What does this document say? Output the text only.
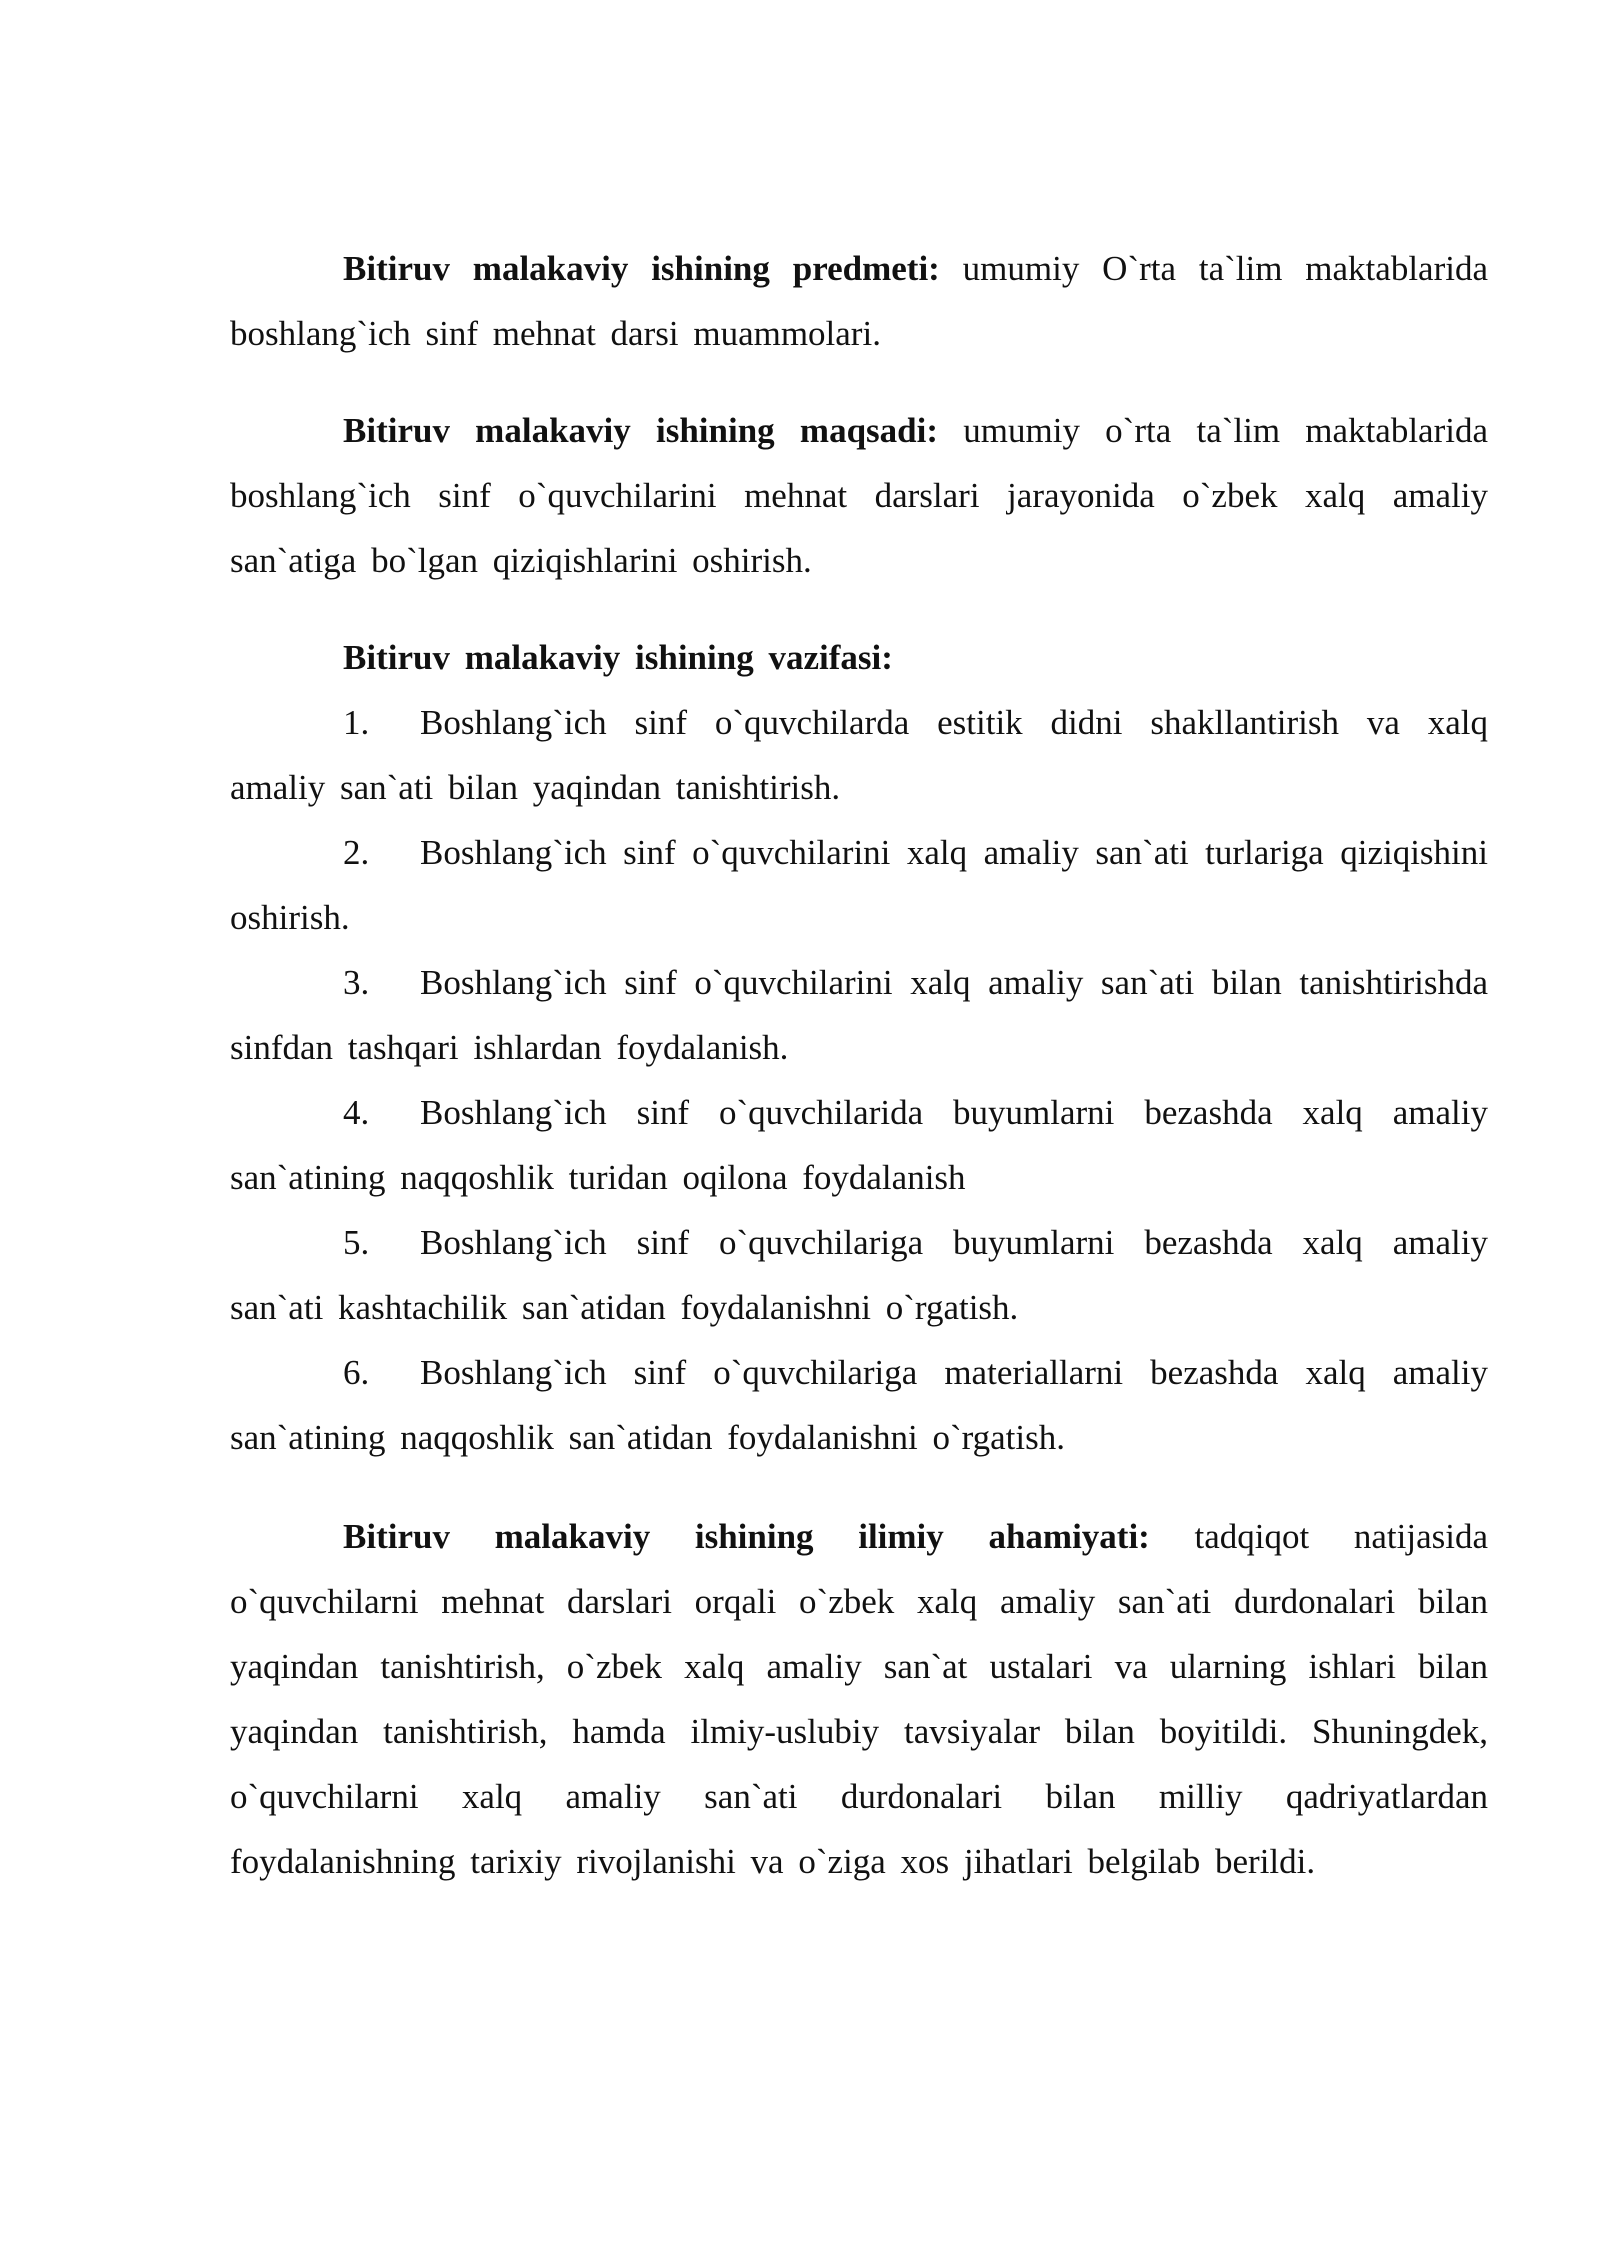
Bitiruv malakaviy ishining predmeti: umumiy O`rta ta`lim maktablarida boshlang`ich sinf mehnat darsi muammolari.

Bitiruv malakaviy ishining maqsadi: umumiy o`rta ta`lim maktablarida boshlang`ich sinf o`quvchilarini mehnat darslari jarayonida o`zbek xalq amaliy san`atiga bo`lgan qiziqishlarini oshirish.

Bitiruv malakaviy ishining vazifasi:

1. Boshlang`ich sinf o`quvchilarda estitik didni shakllantirish va xalq amaliy san`ati bilan yaqindan tanishtirish.

2. Boshlang`ich sinf o`quvchilarini xalq amaliy san`ati turlariga qiziqishini oshirish.

3. Boshlang`ich sinf o`quvchilarini xalq amaliy san`ati bilan tanishtirishda sinfdan tashqari ishlardan foydalanish.

4. Boshlang`ich sinf o`quvchilarida buyumlarni bezashda xalq amaliy san`atining naqqoshlik turidan oqilona foydalanish

5. Boshlang`ich sinf o`quvchilariga buyumlarni bezashda xalq amaliy san`ati kashtachilik san`atidan foydalanishni o`rgatish.

6. Boshlang`ich sinf o`quvchilariga materiallarni bezashda xalq amaliy san`atining naqqoshlik san`atidan foydalanishni o`rgatish.

Bitiruv malakaviy ishining ilimiy ahamiyati: tadqiqot natijasida o`quvchilarni mehnat darslari orqali o`zbek xalq amaliy san`ati durdonalari bilan yaqindan tanishtirish, o`zbek xalq amaliy san`at ustalari va ularning ishlari bilan yaqindan tanishtirish, hamda ilmiy-uslubiy tavsiyalar bilan boyitildi. Shuningdek, o`quvchilarni xalq amaliy san`ati durdonalari bilan milliy qadriyatlardan foydalanishning tarixiy rivojlanishi va o`ziga xos jihatlari belgilab berildi.
